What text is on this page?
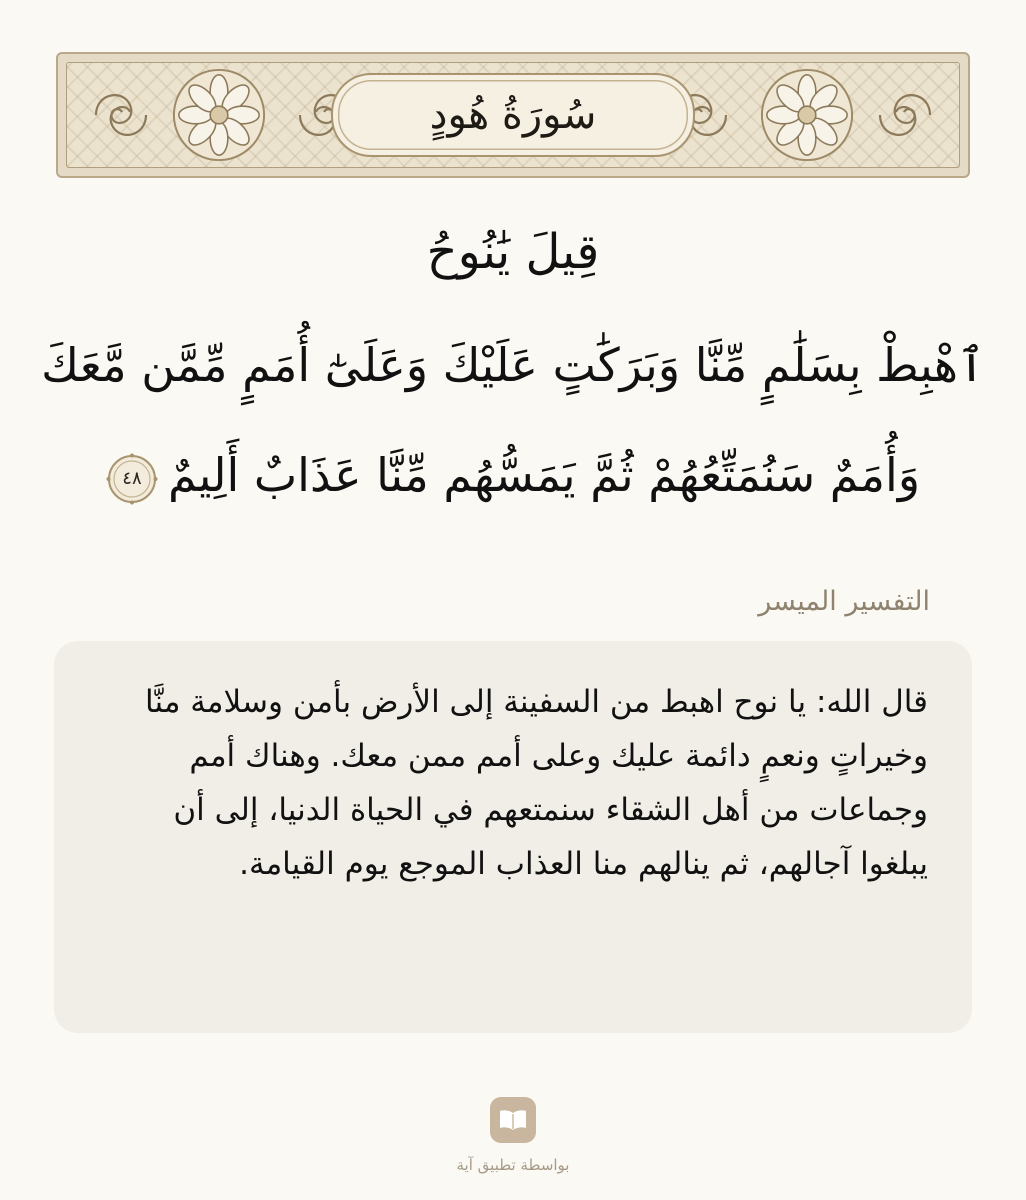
سُورَةُ هُودٍ
قِيلَ يَٰنُوحُ
ٱهْبِطْ بِسَلَٰمٍ مِّنَّا وَبَرَكَٰتٍ عَلَيْكَ وَعَلَىٰٓ أُمَمٍ مِّمَّن مَّعَكَ
وَأُمَمٌ سَنُمَتِّعُهُمْ ثُمَّ يَمَسُّهُم مِّنَّا عَذَابٌ أَلِيمٌ
٤٨
التفسير الميسر

قال الله: يا نوح اهبط من السفينة إلى الأرض بأمن وسلامة منَّا وخيراتٍ ونعمٍ دائمة عليك وعلى أمم ممن معك. وهناك أمم وجماعات من أهل الشقاء سنمتعهم في الحياة الدنيا، إلى أن يبلغوا آجالهم، ثم ينالهم منا العذاب الموجع يوم القيامة.

بواسطة تطبيق آية
